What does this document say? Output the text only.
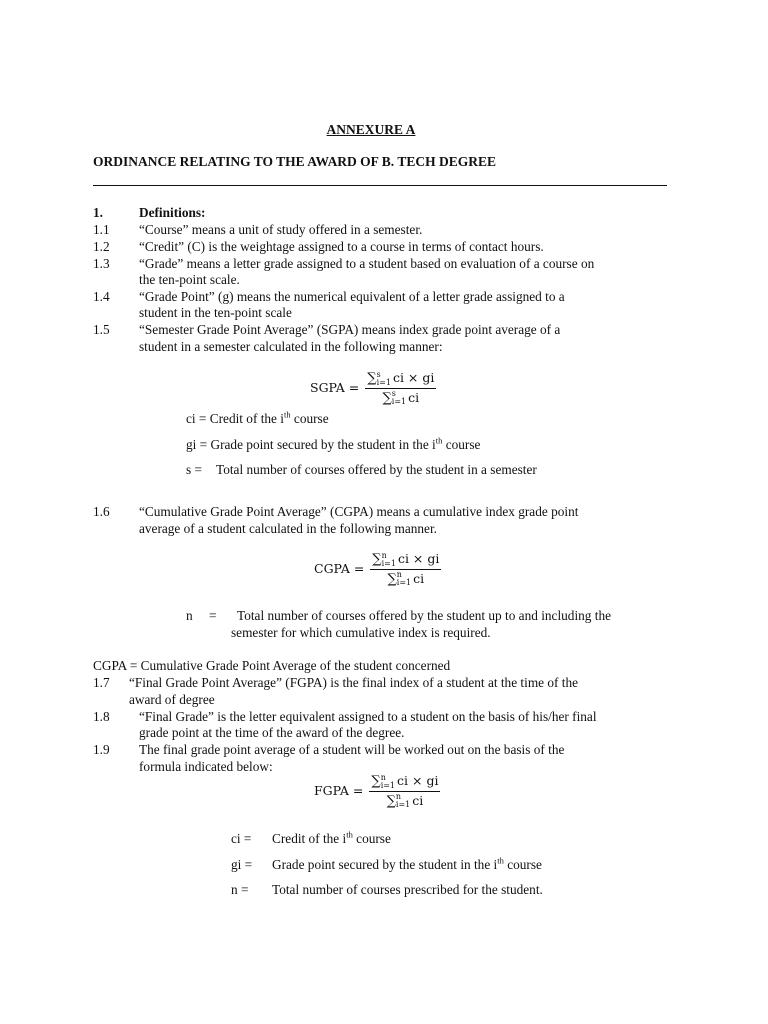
ANNEXURE A
ORDINANCE RELATING TO THE AWARD OF B. TECH DEGREE
1.	Definitions:
1.1 “Course” means a unit of study offered in a semester.
1.2 “Credit” (C) is the weightage assigned to a course in terms of contact hours.
1.3 “Grade” means a letter grade assigned to a student based on evaluation of a course on
the ten-point scale.
1.4 “Grade Point” (g) means the numerical equivalent of a letter grade assigned to a
student in the ten-point scale
1.5 “Semester Grade Point Average” (SGPA) means index grade point average of a
student in a semester calculated in the following manner:
SGPA = ∑ s
i=1 ci × gi
∑ s
i=1 ci
ci = Credit of the $i^{th}$ course
gi = Grade point secured by the student in the $i^{th}$ course
s = Total number of courses offered by the student in a semester
1.6 “Cumulative Grade Point Average” (CGPA) means a cumulative index grade point
average of a student calculated in the following manner.
CGPA = ∑ n
i=1 ci × gi
∑ n
i=1 ci
n = Total number of courses offered by the student up to and including the
semester for which cumulative index is required.
CGPA = Cumulative Grade Point Average of the student concerned
1.7 “Final Grade Point Average” (FGPA) is the final index of a student at the time of the
award of degree
1.8 “Final Grade” is the letter equivalent assigned to a student on the basis of his/her final
grade point at the time of the award of the degree.
1.9 The final grade point average of a student will be worked out on the basis of the
formula indicated below:
FGPA = ∑ n
i=1 ci × gi
∑ n
i=1 ci
ci = Credit of the $i^{th}$ course
gi = Grade point secured by the student in the $i^{th}$ course
n = Total number of courses prescribed for the student.
